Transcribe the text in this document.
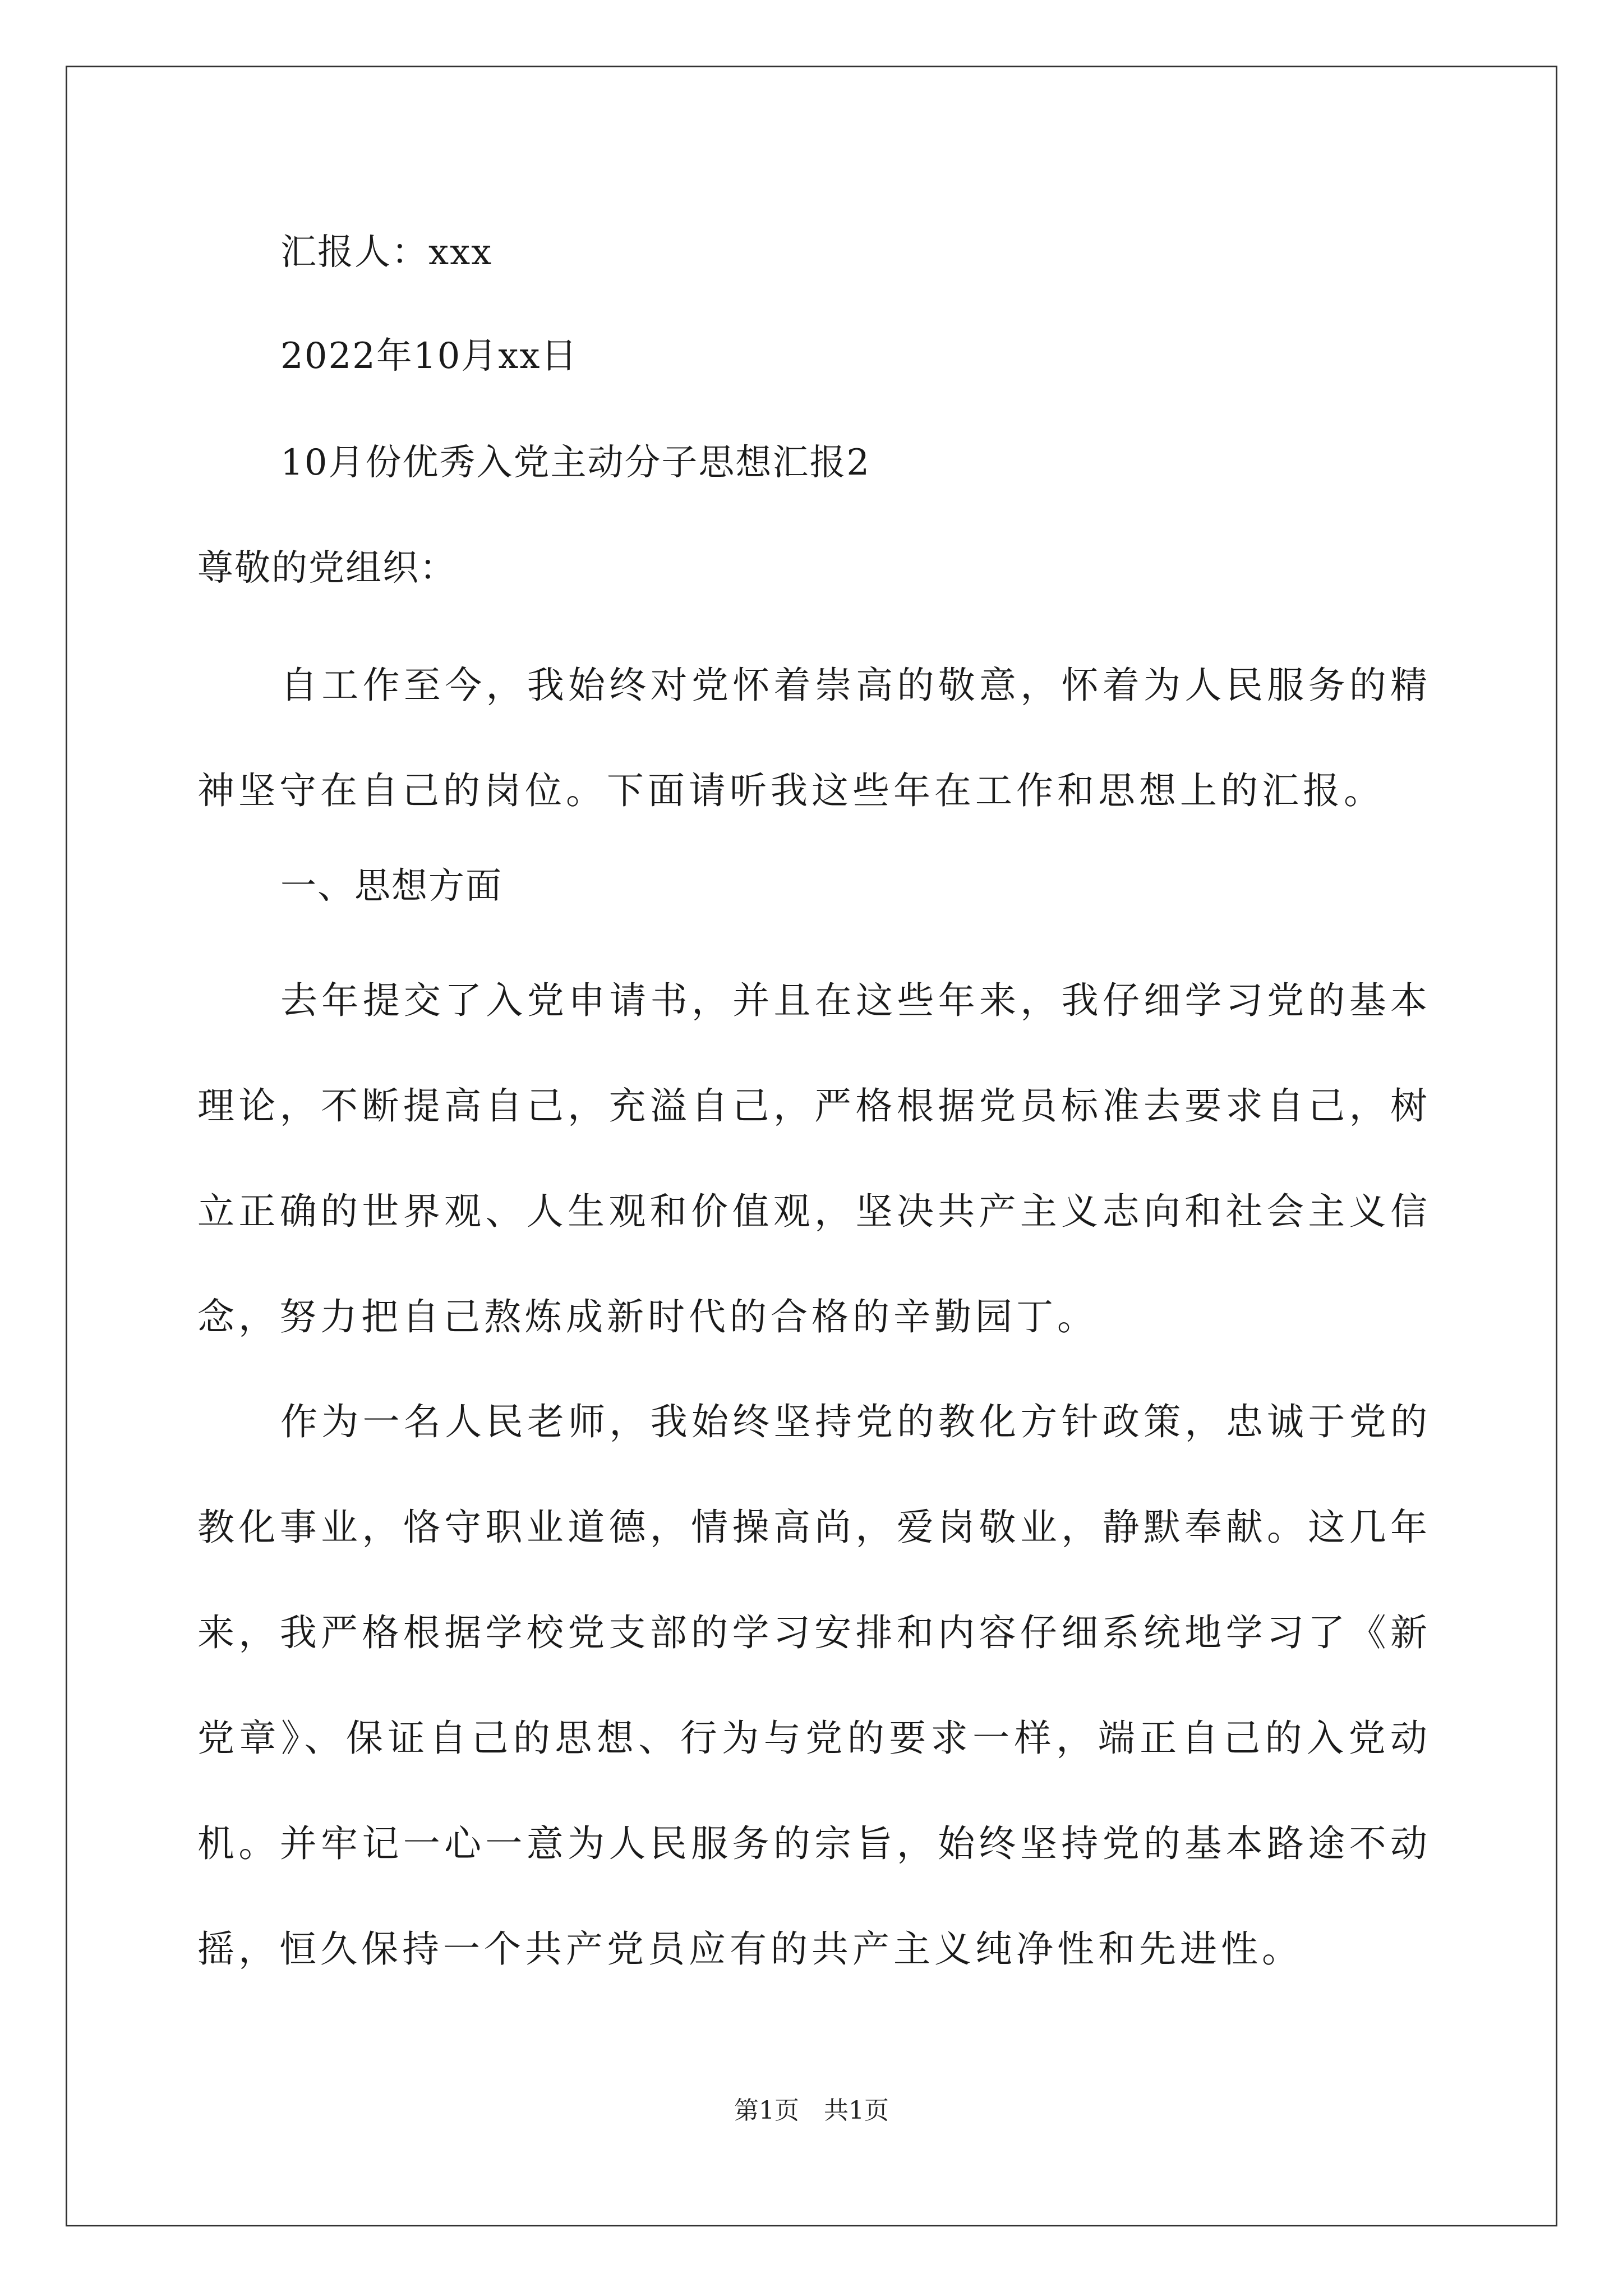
汇报人：xxx
2022年10月xx日
10月份优秀入党主动分子思想汇报2
尊敬的党组织：
自工作至今，我始终对党怀着崇高的敬意，怀着为人民服务的精神坚守在自己的岗位。下面请听我这些年在工作和思想上的汇报。
一、思想方面
去年提交了入党申请书，并且在这些年来，我仔细学习党的基本理论，不断提高自己，充溢自己，严格根据党员标准去要求自己，树立正确的世界观、人生观和价值观，坚决共产主义志向和社会主义信念，努力把自己熬炼成新时代的合格的辛勤园丁。
作为一名人民老师，我始终坚持党的教化方针政策，忠诚于党的教化事业，恪守职业道德，情操高尚，爱岗敬业，静默奉献。这几年来，我严格根据学校党支部的学习安排和内容仔细系统地学习了《新党章》、保证自己的思想、行为与党的要求一样，端正自己的入党动机。并牢记一心一意为人民服务的宗旨，始终坚持党的基本路途不动摇，恒久保持一个共产党员应有的共产主义纯净性和先进性。
第1页　共1页
